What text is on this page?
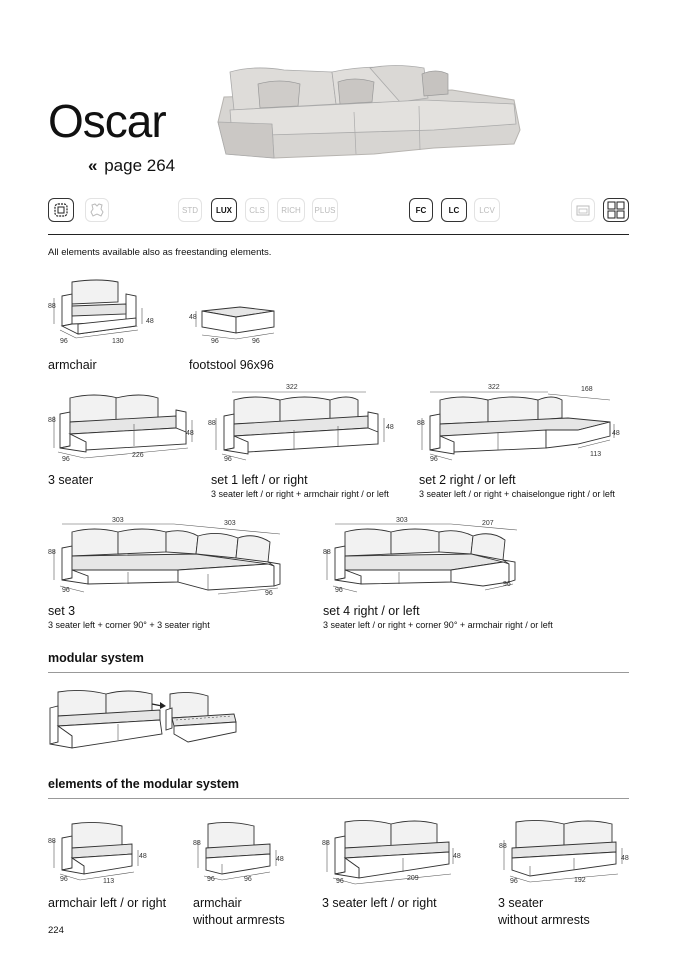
Oscar
« page 264
STD	LUX	CLS	RICH	PLUS	FC	LC	LCV
All elements available also as freestanding elements.
88
48
96	130
armchair
48
96	96
footstool 96x96
88
48
96
226
3 seater
322
88
48
96
set 1 left / or right
3 seater left / or right + armchair right / or left
322	168
88
48
113
96
set 2 right / or left
3 seater left / or right + chaiselongue right / or left
303	303
88
96	96
set 3
3 seater left + corner 90° + 3 seater right
303	207
88
96
96
set 4 right / or left
3 seater left / or right + corner 90° + armchair right / or left
modular system
elements of the modular system
88
48
96	113
armchair left / or right
88
48
96	96
armchair
without armrests
88
48
96	209
3 seater left / or right
88
48
96	192
3 seater
without armrests
224
